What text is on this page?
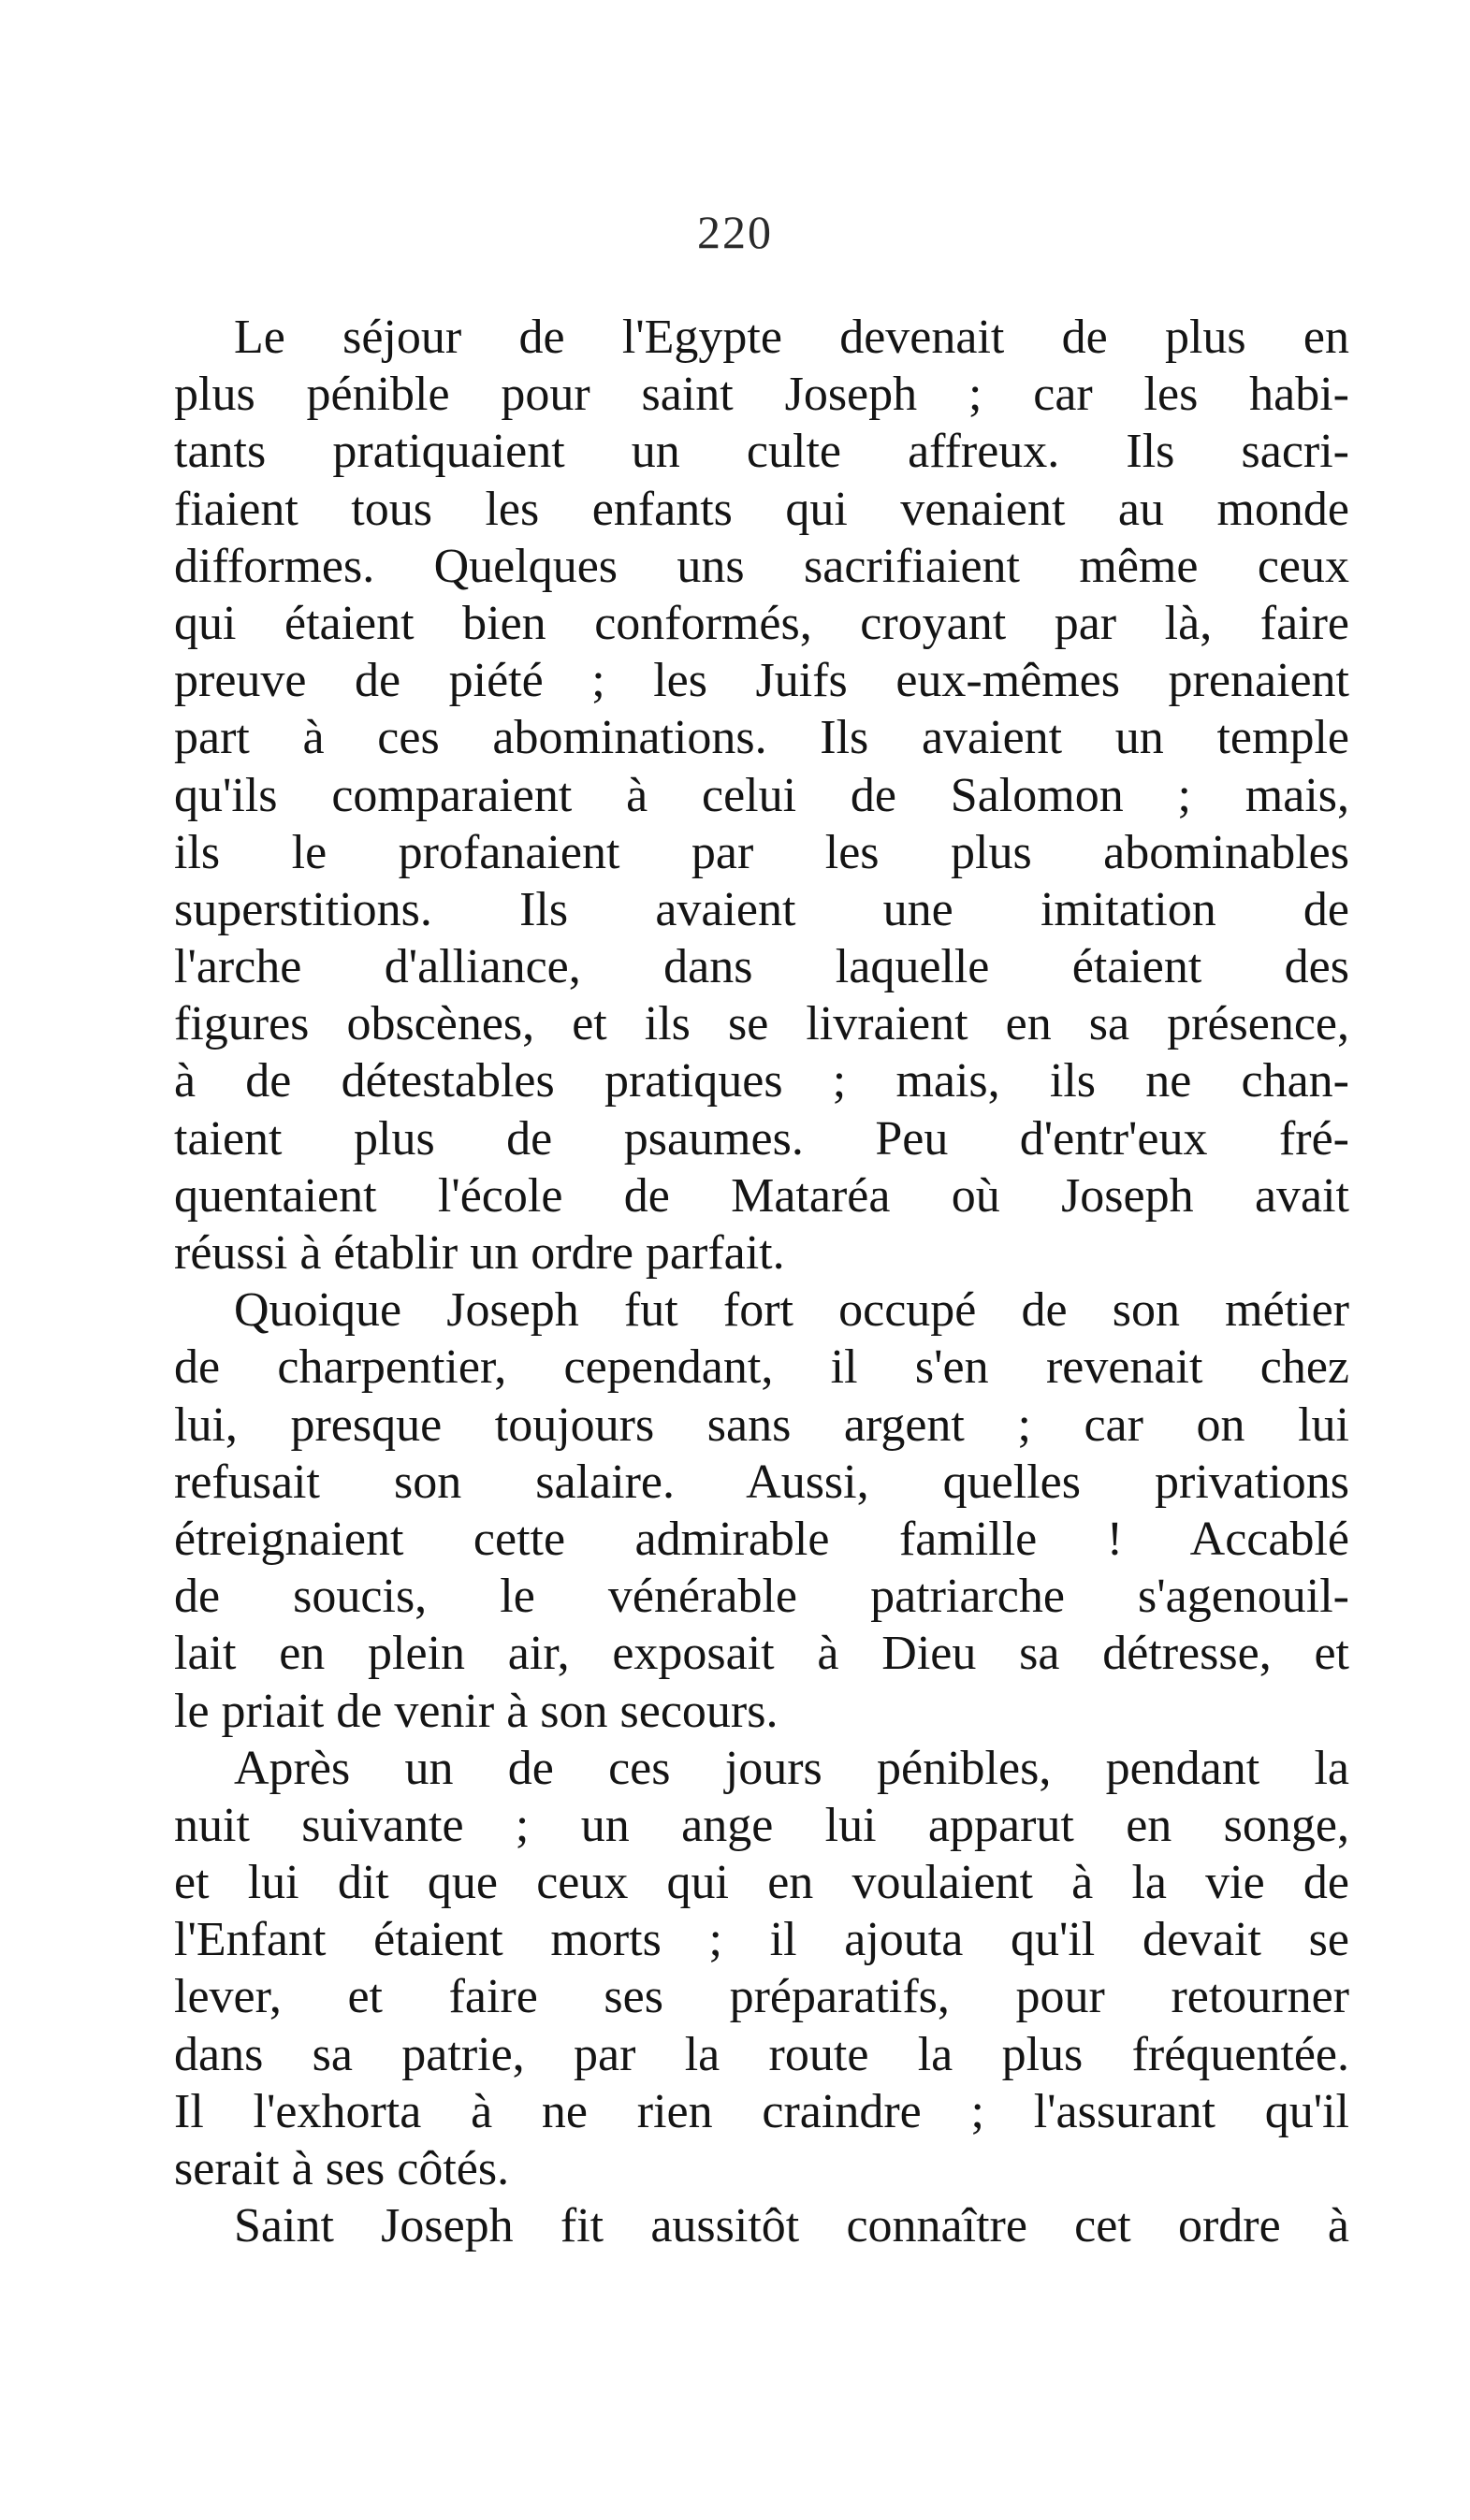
220
Le séjour de l'Egypte devenait de plus en
plus pénible pour saint Joseph ; car les habi-
tants pratiquaient un culte affreux. Ils sacri-
fiaient tous les enfants qui venaient au monde
difformes. Quelques uns sacrifiaient même ceux
qui étaient bien conformés, croyant par là, faire
preuve de piété ; les Juifs eux-mêmes prenaient
part à ces abominations. Ils avaient un temple
qu'ils comparaient à celui de Salomon ; mais,
ils le profanaient par les plus abominables
superstitions. Ils avaient une imitation de
l'arche d'alliance, dans laquelle étaient des
figures obscènes, et ils se livraient en sa présence,
à de détestables pratiques ; mais, ils ne chan-
taient plus de psaumes. Peu d'entr'eux fré-
quentaient l'école de Mataréa où Joseph avait
réussi à établir un ordre parfait.
Quoique Joseph fut fort occupé de son métier
de charpentier, cependant, il s'en revenait chez
lui, presque toujours sans argent ; car on lui
refusait son salaire. Aussi, quelles privations
étreignaient cette admirable famille ! Accablé
de soucis, le vénérable patriarche s'agenouil-
lait en plein air, exposait à Dieu sa détresse, et
le priait de venir à son secours.
Après un de ces jours pénibles, pendant la
nuit suivante ; un ange lui apparut en songe,
et lui dit que ceux qui en voulaient à la vie de
l'Enfant étaient morts ; il ajouta qu'il devait se
lever, et faire ses préparatifs, pour retourner
dans sa patrie, par la route la plus fréquentée.
Il l'exhorta à ne rien craindre ; l'assurant qu'il
serait à ses côtés.
Saint Joseph fit aussitôt connaître cet ordre à
